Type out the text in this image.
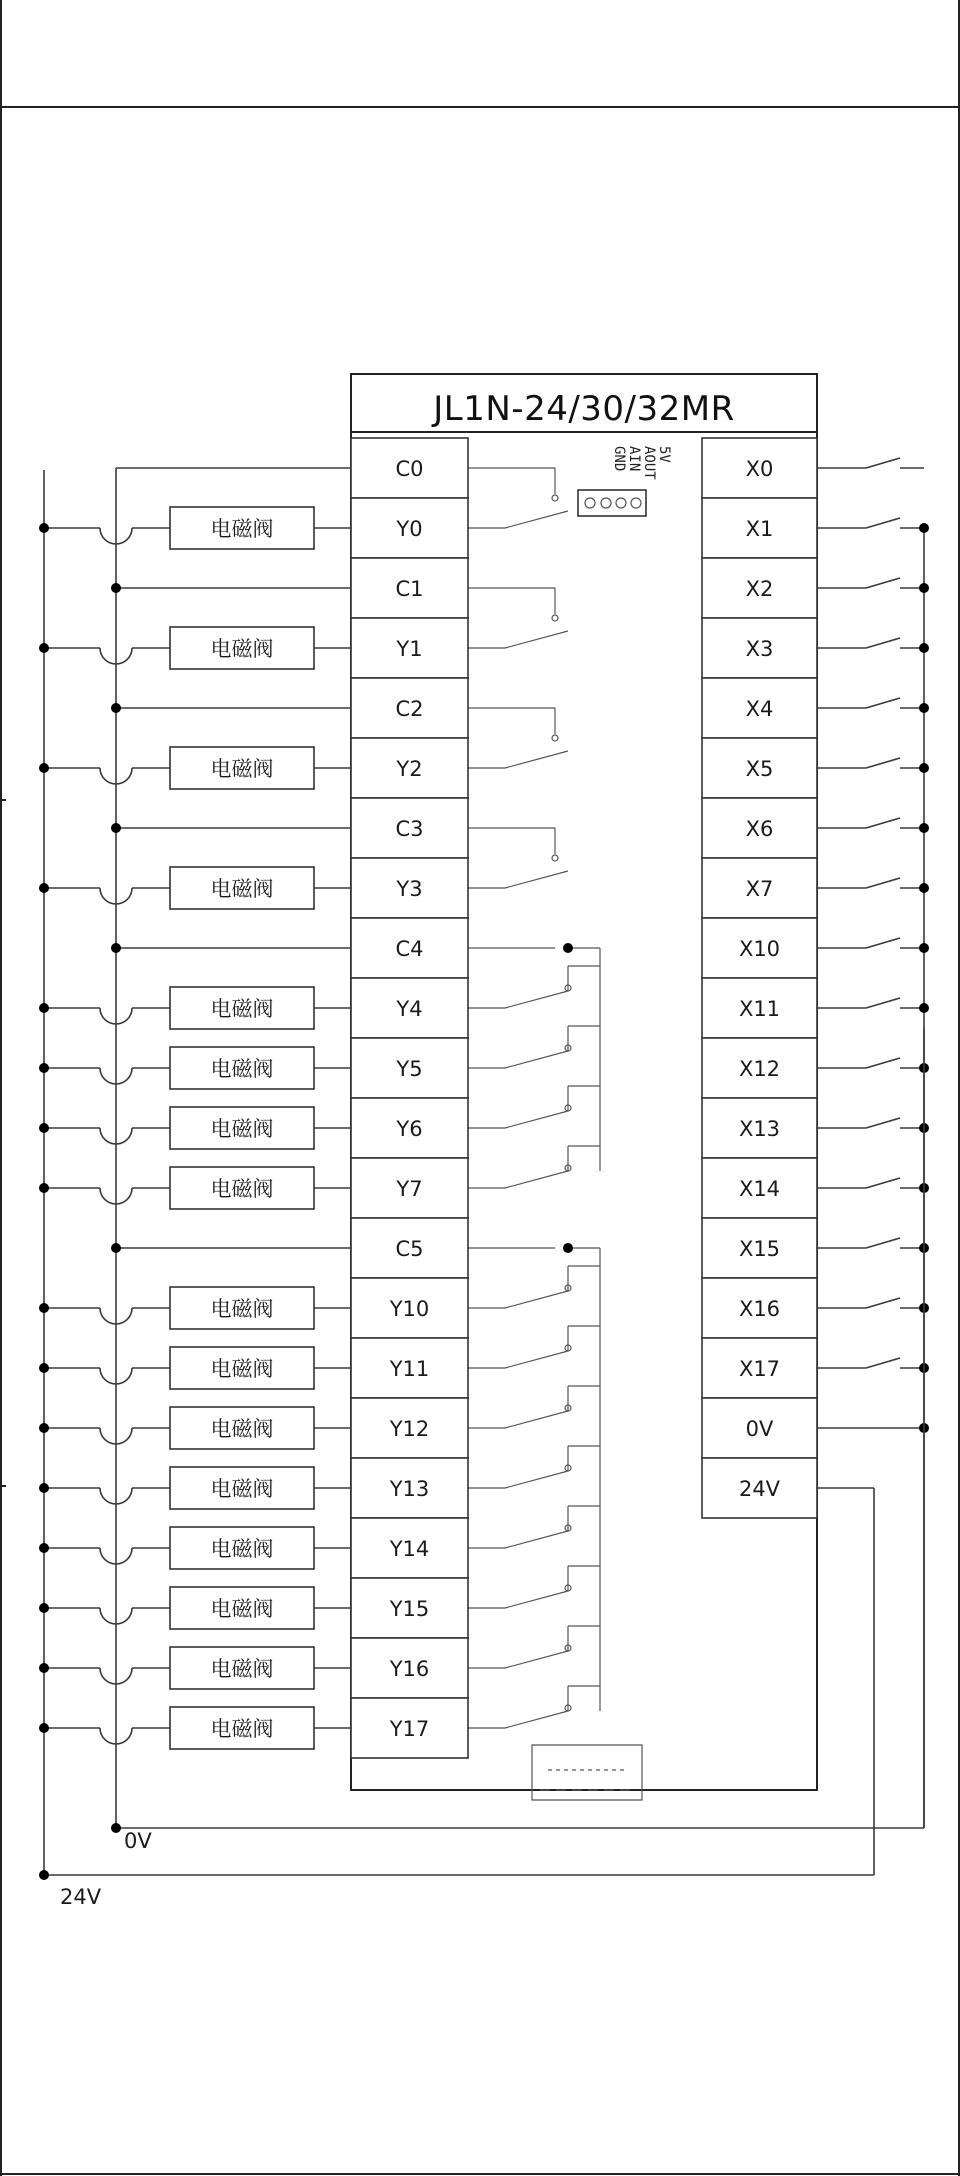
JL1N-24/30/32MR
5V
AOUT
AIN
GND
C0
Y0
电磁阀
C1
Y1
电磁阀
C2
Y2
电磁阀
C3
Y3
电磁阀
C4
Y4
电磁阀
Y5
电磁阀
Y6
电磁阀
Y7
电磁阀
C5
Y10
电磁阀
Y11
电磁阀
Y12
电磁阀
Y13
电磁阀
Y14
电磁阀
Y15
电磁阀
Y16
电磁阀
Y17
电磁阀
X0
X1
X2
X3
X4
X5
X6
X7
X10
X11
X12
X13
X14
X15
X16
X17
0V
24V
0V
24V
